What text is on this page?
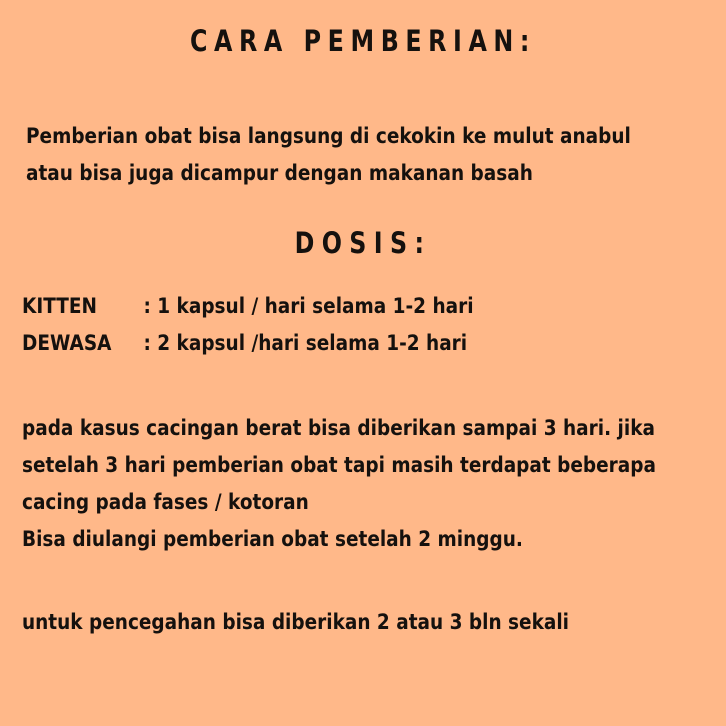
CARA PEMBERIAN:
Pemberian obat bisa langsung di cekokin ke mulut anabul
atau bisa juga dicampur dengan makanan basah
DOSIS:
KITTEN	: 1 kapsul / hari selama 1-2 hari
DEWASA	: 2 kapsul /hari selama 1-2 hari
pada kasus cacingan berat bisa diberikan sampai 3 hari. jika
setelah 3 hari pemberian obat tapi masih terdapat beberapa
cacing pada fases / kotoran
Bisa diulangi pemberian obat setelah 2 minggu.
untuk pencegahan bisa diberikan 2 atau 3 bln sekali
